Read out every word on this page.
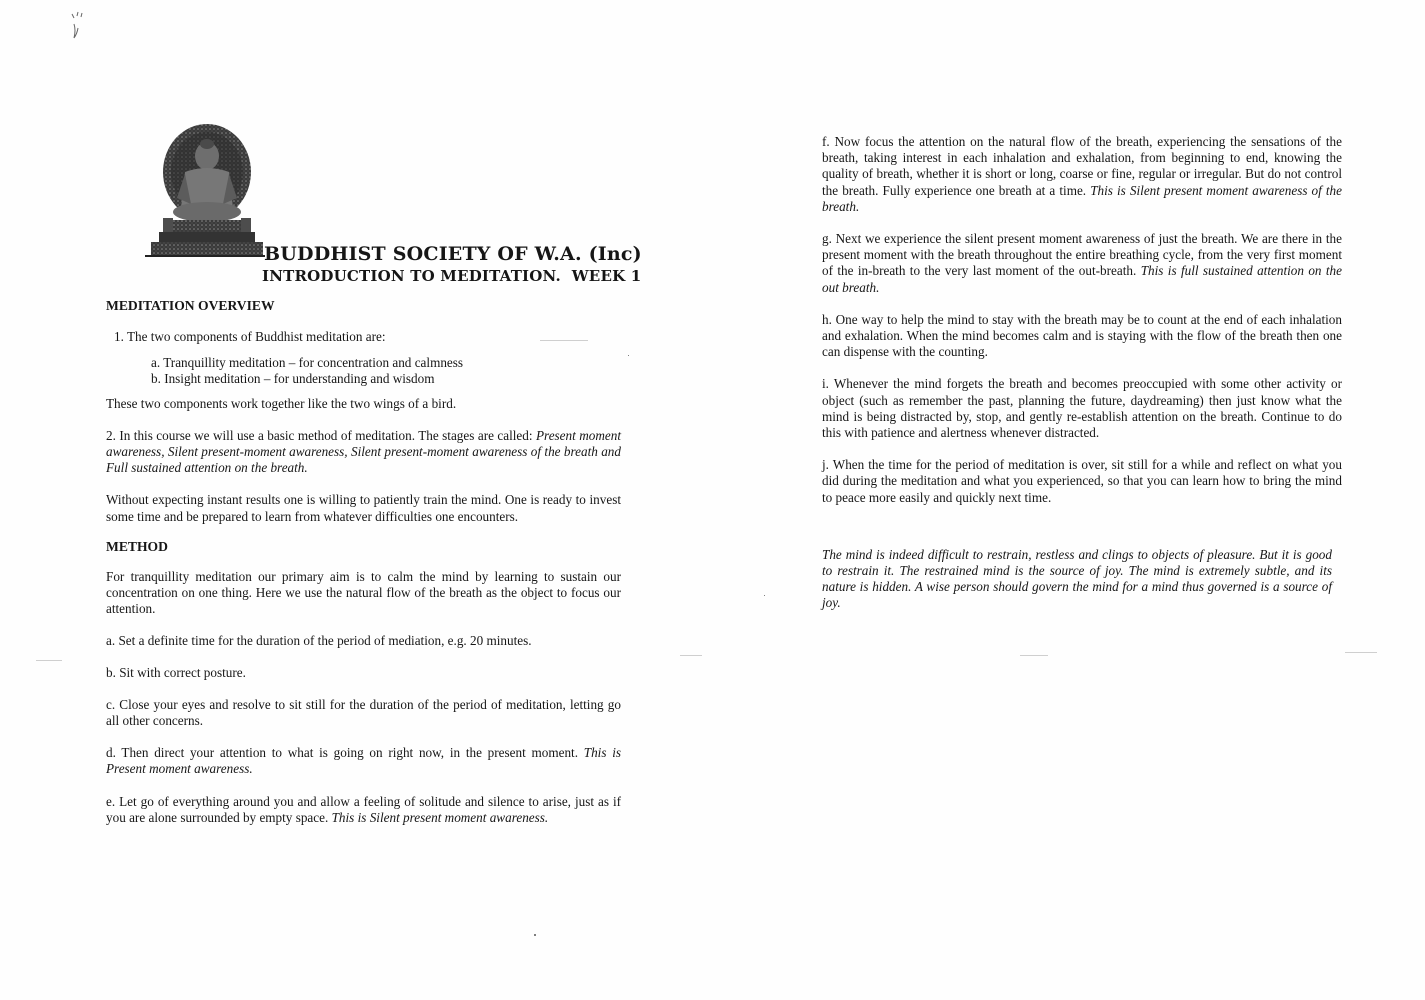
BUDDHIST SOCIETY OF W.A. (Inc)
INTRODUCTION TO MEDITATION.  WEEK 1

MEDITATION OVERVIEW

1. The two components of Buddhist meditation are:

a. Tranquillity meditation – for concentration and calmness
b. Insight meditation – for understanding and wisdom

These two components work together like the two wings of a bird.

2. In this course we will use a basic method of meditation. The stages are called: Present moment awareness, Silent present-moment awareness, Silent present-moment awareness of the breath and Full sustained attention on the breath.

Without expecting instant results one is willing to patiently train the mind. One is ready to invest some time and be prepared to learn from whatever difficulties one encounters.

METHOD

For tranquillity meditation our primary aim is to calm the mind by learning to sustain our concentration on one thing. Here we use the natural flow of the breath as the object to focus our attention.

a. Set a definite time for the duration of the period of mediation, e.g. 20 minutes.

b. Sit with correct posture.

c. Close your eyes and resolve to sit still for the duration of the period of meditation, letting go all other concerns.

d. Then direct your attention to what is going on right now, in the present moment. This is Present moment awareness.

e. Let go of everything around you and allow a feeling of solitude and silence to arise, just as if you are alone surrounded by empty space. This is Silent present moment awareness.

f. Now focus the attention on the natural flow of the breath, experiencing the sensations of the breath, taking interest in each inhalation and exhalation, from beginning to end, knowing the quality of breath, whether it is short or long, coarse or fine, regular or irregular. But do not control the breath. Fully experience one breath at a time. This is Silent present moment awareness of the breath.

g. Next we experience the silent present moment awareness of just the breath. We are there in the present moment with the breath throughout the entire breathing cycle, from the very first moment of the in-breath to the very last moment of the out-breath. This is full sustained attention on the out breath.

h. One way to help the mind to stay with the breath may be to count at the end of each inhalation and exhalation. When the mind becomes calm and is staying with the flow of the breath then one can dispense with the counting.

i. Whenever the mind forgets the breath and becomes preoccupied with some other activity or object (such as remember the past, planning the future, daydreaming) then just know what the mind is being distracted by, stop, and gently re-establish attention on the breath. Continue to do this with patience and alertness whenever distracted.

j. When the time for the period of meditation is over, sit still for a while and reflect on what you did during the meditation and what you experienced, so that you can learn how to bring the mind to peace more easily and quickly next time.

The mind is indeed difficult to restrain, restless and clings to objects of pleasure. But it is good to restrain it. The restrained mind is the source of joy. The mind is extremely subtle, and its nature is hidden. A wise person should govern the mind for a mind thus governed is a source of joy.
